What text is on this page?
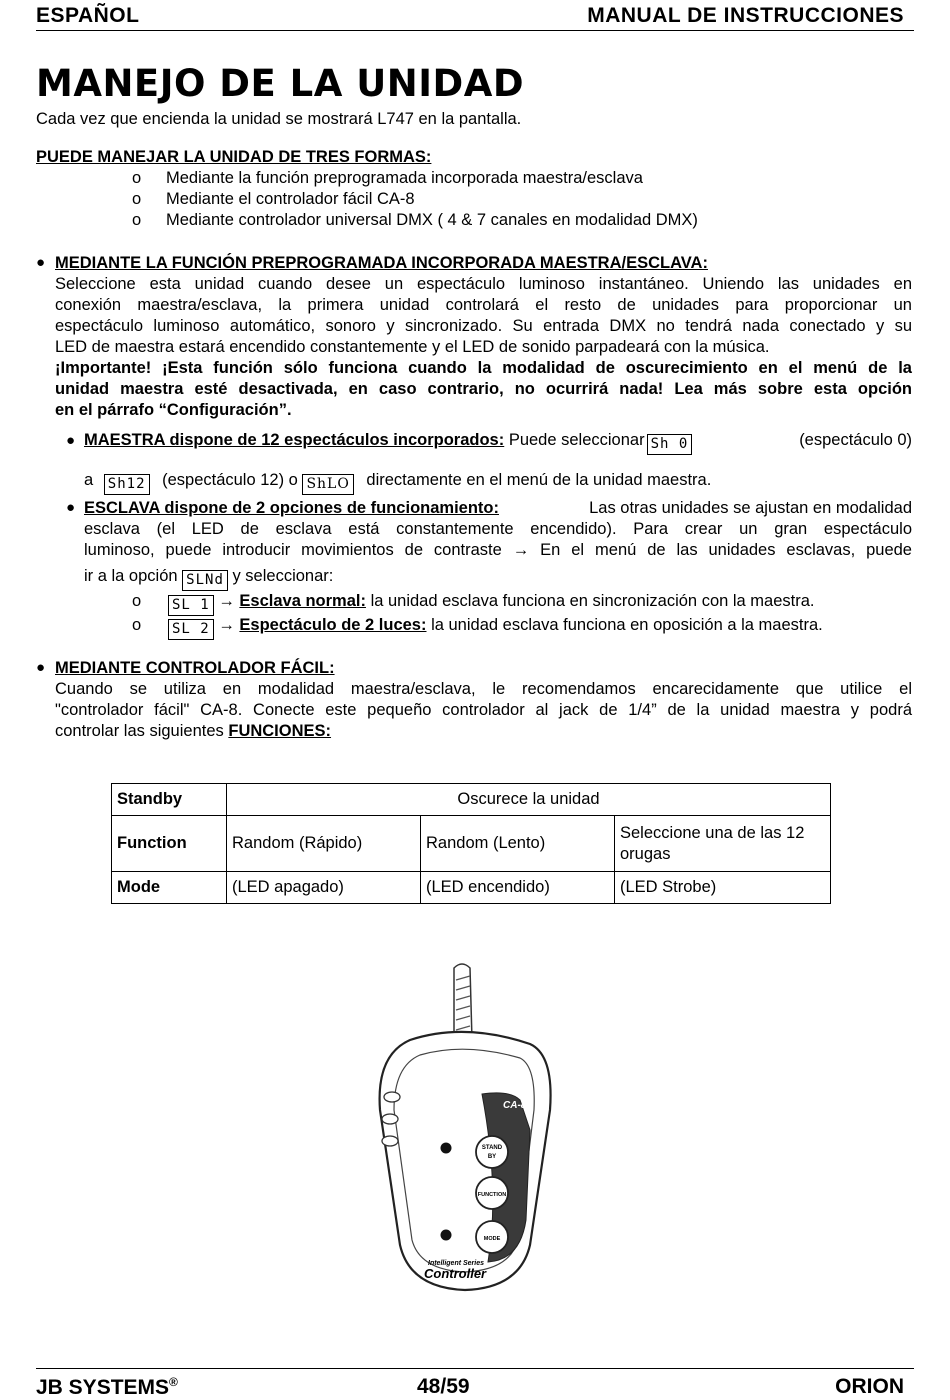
ESPAÑOL	MANUAL DE INSTRUCCIONES
MANEJO DE LA UNIDAD
Cada vez que encienda la unidad se mostrará L747 en la pantalla.
PUEDE MANEJAR LA UNIDAD DE TRES FORMAS:
o Mediante la función preprogramada incorporada maestra/esclava
o Mediante el controlador fácil CA-8
o Mediante controlador universal DMX ( 4 & 7 canales en modalidad DMX)
● MEDIANTE LA FUNCIÓN PREPROGRAMADA INCORPORADA MAESTRA/ESCLAVA:
Seleccione esta unidad cuando desee un espectáculo luminoso instantáneo. Uniendo las unidades en
conexión maestra/esclava, la primera unidad controlará el resto de unidades para proporcionar un
espectáculo luminoso automático, sonoro y sincronizado. Su entrada DMX no tendrá nada conectado y su
LED de maestra estará encendido constantemente y el LED de sonido parpadeará con la música.
¡Importante! ¡Esta función sólo funciona cuando la modalidad de oscurecimiento en el menú de la
unidad maestra esté desactivada, en caso contrario, no ocurrirá nada! Lea más sobre esta opción
en el párrafo “Configuración”.
● MAESTRA dispone de 12 espectáculos incorporados: Puede seleccionar Sh 0	(espectáculo 0)
a Sh12 (espectáculo 12) o ShLO directamente en el menú de la unidad maestra.
● ESCLAVA dispone de 2 opciones de funcionamiento:	Las otras unidades se ajustan en modalidad
esclava (el LED de esclava está constantemente encendido). Para crear un gran espectáculo
luminoso, puede introducir movimientos de contraste → En el menú de las unidades esclavas, puede
ir a la opción SLNd y seleccionar:
o SL 1 → Esclava normal: la unidad esclava funciona en sincronización con la maestra.
o SL 2 → Espectáculo de 2 luces: la unidad esclava funciona en oposición a la maestra.
● MEDIANTE CONTROLADOR FÁCIL:
Cuando se utiliza en modalidad maestra/esclava, le recomendamos encarecidamente que utilice el
"controlador fácil" CA-8. Conecte este pequeño controlador al jack de 1/4” de la unidad maestra y podrá
controlar las siguientes FUNCIONES:
Standby	Oscurece la unidad		
Function	Random (Rápido)	Random (Lento)	Seleccione una de las 12 orugas
Mode	(LED apagado)	(LED encendido)	(LED Strobe)
CA-8
STAND
BY
FUNCTION
MODE
Intelligent Series
Controller
JB SYSTEMS®	48/59	ORION
